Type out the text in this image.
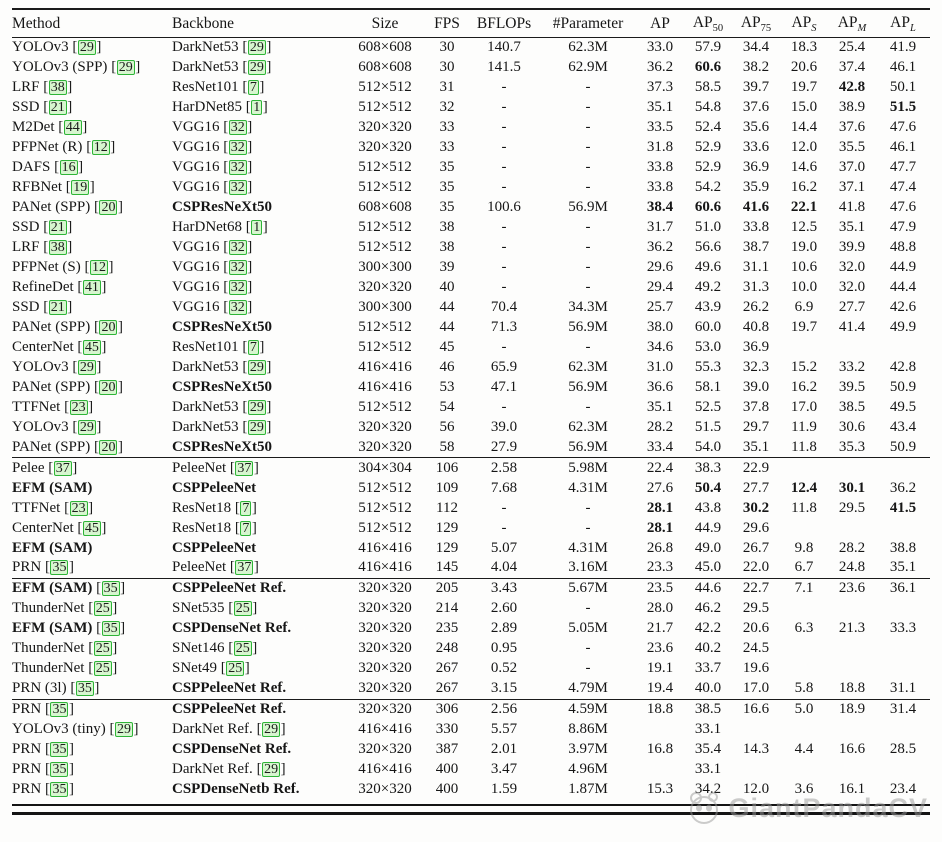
Method	Backbone	Size	FPS	BFLOPs	#Parameter	AP	$AP_{50}$	$AP_{75}$	$AP_S$	$AP_M$	$AP_L$
YOLOv3 [ 29 ]	DarkNet53 [ 29 ]	608×608	30	140.7	62.3M	33.0	57.9	34.4	18.3	25.4	41.9
YOLOv3 (SPP) [ 29 ]	DarkNet53 [ 29 ]	608×608	30	141.5	62.9M	36.2	60.6	38.2	20.6	37.4	46.1
LRF [ 38 ]	ResNet101 [ 7 ]	512×512	31	-	-	37.3	58.5	39.7	19.7	42.8	50.1
SSD [ 21 ]	HarDNet85 [ 1 ]	512×512	32	-	-	35.1	54.8	37.6	15.0	38.9	51.5
M2Det [ 44 ]	VGG16 [ 32 ]	320×320	33	-	-	33.5	52.4	35.6	14.4	37.6	47.6
PFPNet (R) [ 12 ]	VGG16 [ 32 ]	320×320	33	-	-	31.8	52.9	33.6	12.0	35.5	46.1
DAFS [ 16 ]	VGG16 [ 32 ]	512×512	35	-	-	33.8	52.9	36.9	14.6	37.0	47.7
RFBNet [ 19 ]	VGG16 [ 32 ]	512×512	35	-	-	33.8	54.2	35.9	16.2	37.1	47.4
PANet (SPP) [ 20 ]	CSPResNeXt50	608×608	35	100.6	56.9M	38.4	60.6	41.6	22.1	41.8	47.6
SSD [ 21 ]	HarDNet68 [ 1 ]	512×512	38	-	-	31.7	51.0	33.8	12.5	35.1	47.9
LRF [ 38 ]	VGG16 [ 32 ]	512×512	38	-	-	36.2	56.6	38.7	19.0	39.9	48.8
PFPNet (S) [ 12 ]	VGG16 [ 32 ]	300×300	39	-	-	29.6	49.6	31.1	10.6	32.0	44.9
RefineDet [ 41 ]	VGG16 [ 32 ]	320×320	40	-	-	29.4	49.2	31.3	10.0	32.0	44.4
SSD [ 21 ]	VGG16 [ 32 ]	300×300	44	70.4	34.3M	25.7	43.9	26.2	6.9	27.7	42.6
PANet (SPP) [ 20 ]	CSPResNeXt50	512×512	44	71.3	56.9M	38.0	60.0	40.8	19.7	41.4	49.9
CenterNet [ 45 ]	ResNet101 [ 7 ]	512×512	45	-	-	34.6	53.0	36.9			
YOLOv3 [ 29 ]	DarkNet53 [ 29 ]	416×416	46	65.9	62.3M	31.0	55.3	32.3	15.2	33.2	42.8
PANet (SPP) [ 20 ]	CSPResNeXt50	416×416	53	47.1	56.9M	36.6	58.1	39.0	16.2	39.5	50.9
TTFNet [ 23 ]	DarkNet53 [ 29 ]	512×512	54	-	-	35.1	52.5	37.8	17.0	38.5	49.5
YOLOv3 [ 29 ]	DarkNet53 [ 29 ]	320×320	56	39.0	62.3M	28.2	51.5	29.7	11.9	30.6	43.4
PANet (SPP) [ 20 ]	CSPResNeXt50	320×320	58	27.9	56.9M	33.4	54.0	35.1	11.8	35.3	50.9
Pelee [ 37 ]	PeleeNet [ 37 ]	304×304	106	2.58	5.98M	22.4	38.3	22.9			
EFM (SAM)	CSPPeleeNet	512×512	109	7.68	4.31M	27.6	50.4	27.7	12.4	30.1	36.2
TTFNet [ 23 ]	ResNet18 [ 7 ]	512×512	112	-	-	28.1	43.8	30.2	11.8	29.5	41.5
CenterNet [ 45 ]	ResNet18 [ 7 ]	512×512	129	-	-	28.1	44.9	29.6			
EFM (SAM)	CSPPeleeNet	416×416	129	5.07	4.31M	26.8	49.0	26.7	9.8	28.2	38.8
PRN [ 35 ]	PeleeNet [ 37 ]	416×416	145	4.04	3.16M	23.3	45.0	22.0	6.7	24.8	35.1
EFM (SAM) [ 35 ]	CSPPeleeNet Ref.	320×320	205	3.43	5.67M	23.5	44.6	22.7	7.1	23.6	36.1
ThunderNet [ 25 ]	SNet535 [ 25 ]	320×320	214	2.60	-	28.0	46.2	29.5			
EFM (SAM) [ 35 ]	CSPDenseNet Ref.	320×320	235	2.89	5.05M	21.7	42.2	20.6	6.3	21.3	33.3
ThunderNet [ 25 ]	SNet146 [ 25 ]	320×320	248	0.95	-	23.6	40.2	24.5			
ThunderNet [ 25 ]	SNet49 [ 25 ]	320×320	267	0.52	-	19.1	33.7	19.6			
PRN (3l) [ 35 ]	CSPPeleeNet Ref.	320×320	267	3.15	4.79M	19.4	40.0	17.0	5.8	18.8	31.1
PRN [ 35 ]	CSPPeleeNet Ref.	320×320	306	2.56	4.59M	18.8	38.5	16.6	5.0	18.9	31.4
YOLOv3 (tiny) [ 29 ]	DarkNet Ref. [ 29 ]	416×416	330	5.57	8.86M		33.1				
PRN [ 35 ]	CSPDenseNet Ref.	320×320	387	2.01	3.97M	16.8	35.4	14.3	4.4	16.6	28.5
PRN [ 35 ]	DarkNet Ref. [ 29 ]	416×416	400	3.47	4.96M		33.1				
PRN [ 35 ]	CSPDenseNetb Ref.	320×320	400	1.59	1.87M	15.3	34.2	12.0	3.6	16.1	23.4
GiantPandaCV
